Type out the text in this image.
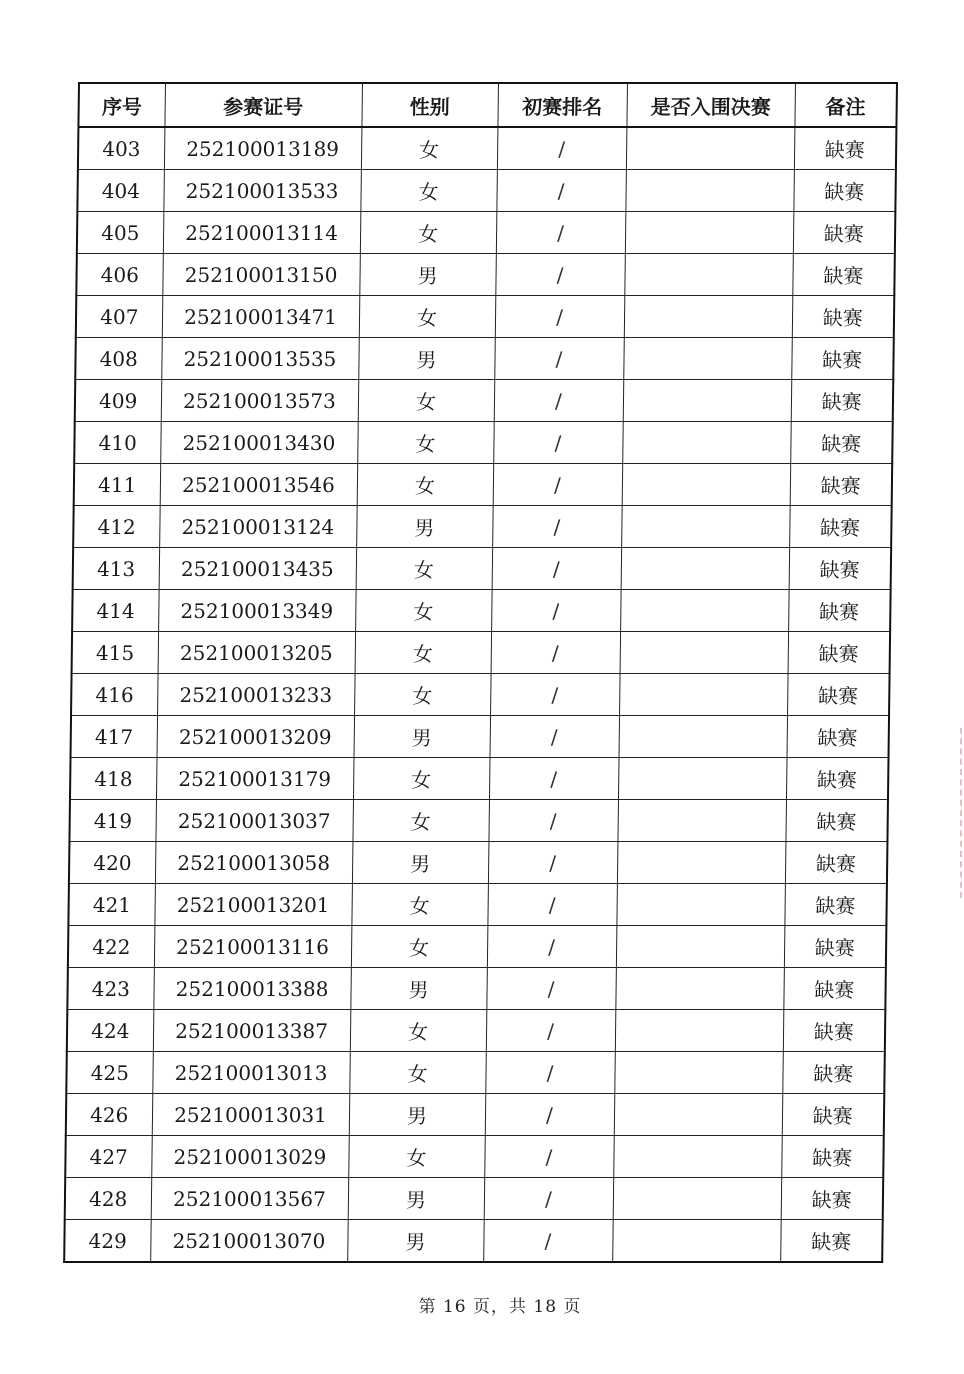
序号	参赛证号	性别	初赛排名	是否入围决赛	备注
403	252100013189	女	/		缺赛
404	252100013533	女	/		缺赛
405	252100013114	女	/		缺赛
406	252100013150	男	/		缺赛
407	252100013471	女	/		缺赛
408	252100013535	男	/		缺赛
409	252100013573	女	/		缺赛
410	252100013430	女	/		缺赛
411	252100013546	女	/		缺赛
412	252100013124	男	/		缺赛
413	252100013435	女	/		缺赛
414	252100013349	女	/		缺赛
415	252100013205	女	/		缺赛
416	252100013233	女	/		缺赛
417	252100013209	男	/		缺赛
418	252100013179	女	/		缺赛
419	252100013037	女	/		缺赛
420	252100013058	男	/		缺赛
421	252100013201	女	/		缺赛
422	252100013116	女	/		缺赛
423	252100013388	男	/		缺赛
424	252100013387	女	/		缺赛
425	252100013013	女	/		缺赛
426	252100013031	男	/		缺赛
427	252100013029	女	/		缺赛
428	252100013567	男	/		缺赛
429	252100013070	男	/		缺赛
第 16 页，共 18 页
